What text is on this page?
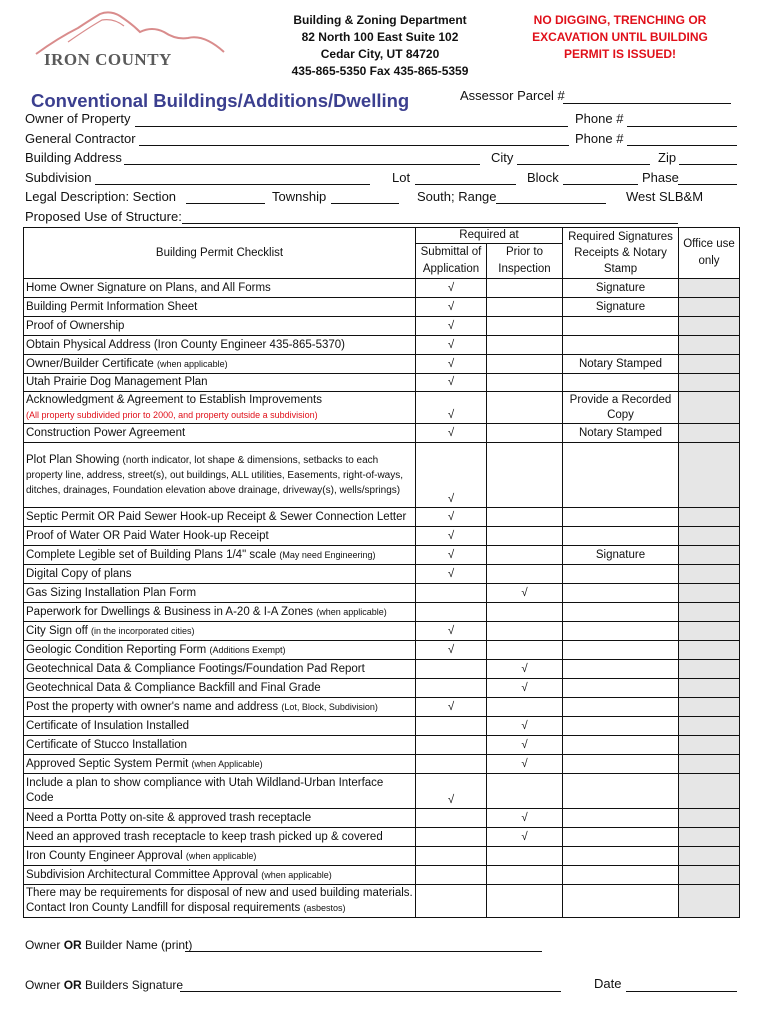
IRON COUNTY
Building & Zoning Department
82 North 100 East Suite 102
Cedar City, UT 84720
435-865-5350 Fax 435-865-5359
NO DIGGING, TRENCHING OR
EXCAVATION UNTIL BUILDING
PERMIT IS ISSUED!
Conventional Buildings/Additions/Dwelling	Assessor Parcel #
Owner of Property	Phone #
General Contractor	Phone #
Building Address	City	Zip
Subdivision	Lot	Block	Phase
Legal Description: Section	Township	South; Range	West SLB&M
Proposed Use of Structure:
Building Permit Checklist	Required at		Required Signatures Receipts & Notary Stamp	Office use only
	Submittal of Application	Prior to Inspection		

Home Owner Signature on Plans, and All Forms	√		Signature	
Building Permit Information Sheet	√		Signature	
Proof of Ownership	√			
Obtain Physical Address (Iron County Engineer 435-865-5370)	√			
Owner/Builder Certificate (when applicable)	√		Notary Stamped	
Utah Prairie Dog Management Plan	√			
Acknowledgment & Agreement to Establish Improvements
(All property subdivided prior to 2000, and property outside a subdivision)	√		Provide a Recorded Copy	
Construction Power Agreement	√		Notary Stamped	
Plot Plan Showing (north indicator, lot shape & dimensions, setbacks to each property line, address, street(s), out buildings, ALL utilities, Easements, right-of-ways, ditches, drainages, Foundation elevation above drainage, driveway(s), wells/springs)	√			
Septic Permit OR Paid Sewer Hook-up Receipt & Sewer Connection Letter	√			
Proof of Water OR Paid Water Hook-up Receipt	√			
Complete Legible set of Building Plans 1/4" scale (May need Engineering)	√		Signature	
Digital Copy of plans	√			
Gas Sizing Installation Plan Form		√		
Paperwork for Dwellings & Business in A-20 & I-A Zones (when applicable)				
City Sign off (in the incorporated cities)	√			
Geologic Condition Reporting Form (Additions Exempt)	√			
Geotechnical Data & Compliance Footings/Foundation Pad Report		√		
Geotechnical Data & Compliance Backfill and Final Grade		√		
Post the property with owner's name and address (Lot, Block, Subdivision)	√			
Certificate of Insulation Installed		√		
Certificate of Stucco Installation		√		
Approved Septic System Permit (when Applicable)		√		
Include a plan to show compliance with Utah Wildland-Urban Interface Code	√			
Need a Portta Potty on-site & approved trash receptacle		√		
Need an approved trash receptacle to keep trash picked up & covered		√		
Iron County Engineer Approval (when applicable)				
Subdivision Architectural Committee Approval (when applicable)				
There may be requirements for disposal of new and used building materials. Contact Iron County Landfill for disposal requirements (asbestos)				
Owner OR Builder Name (print)
Owner OR Builders Signature	Date
